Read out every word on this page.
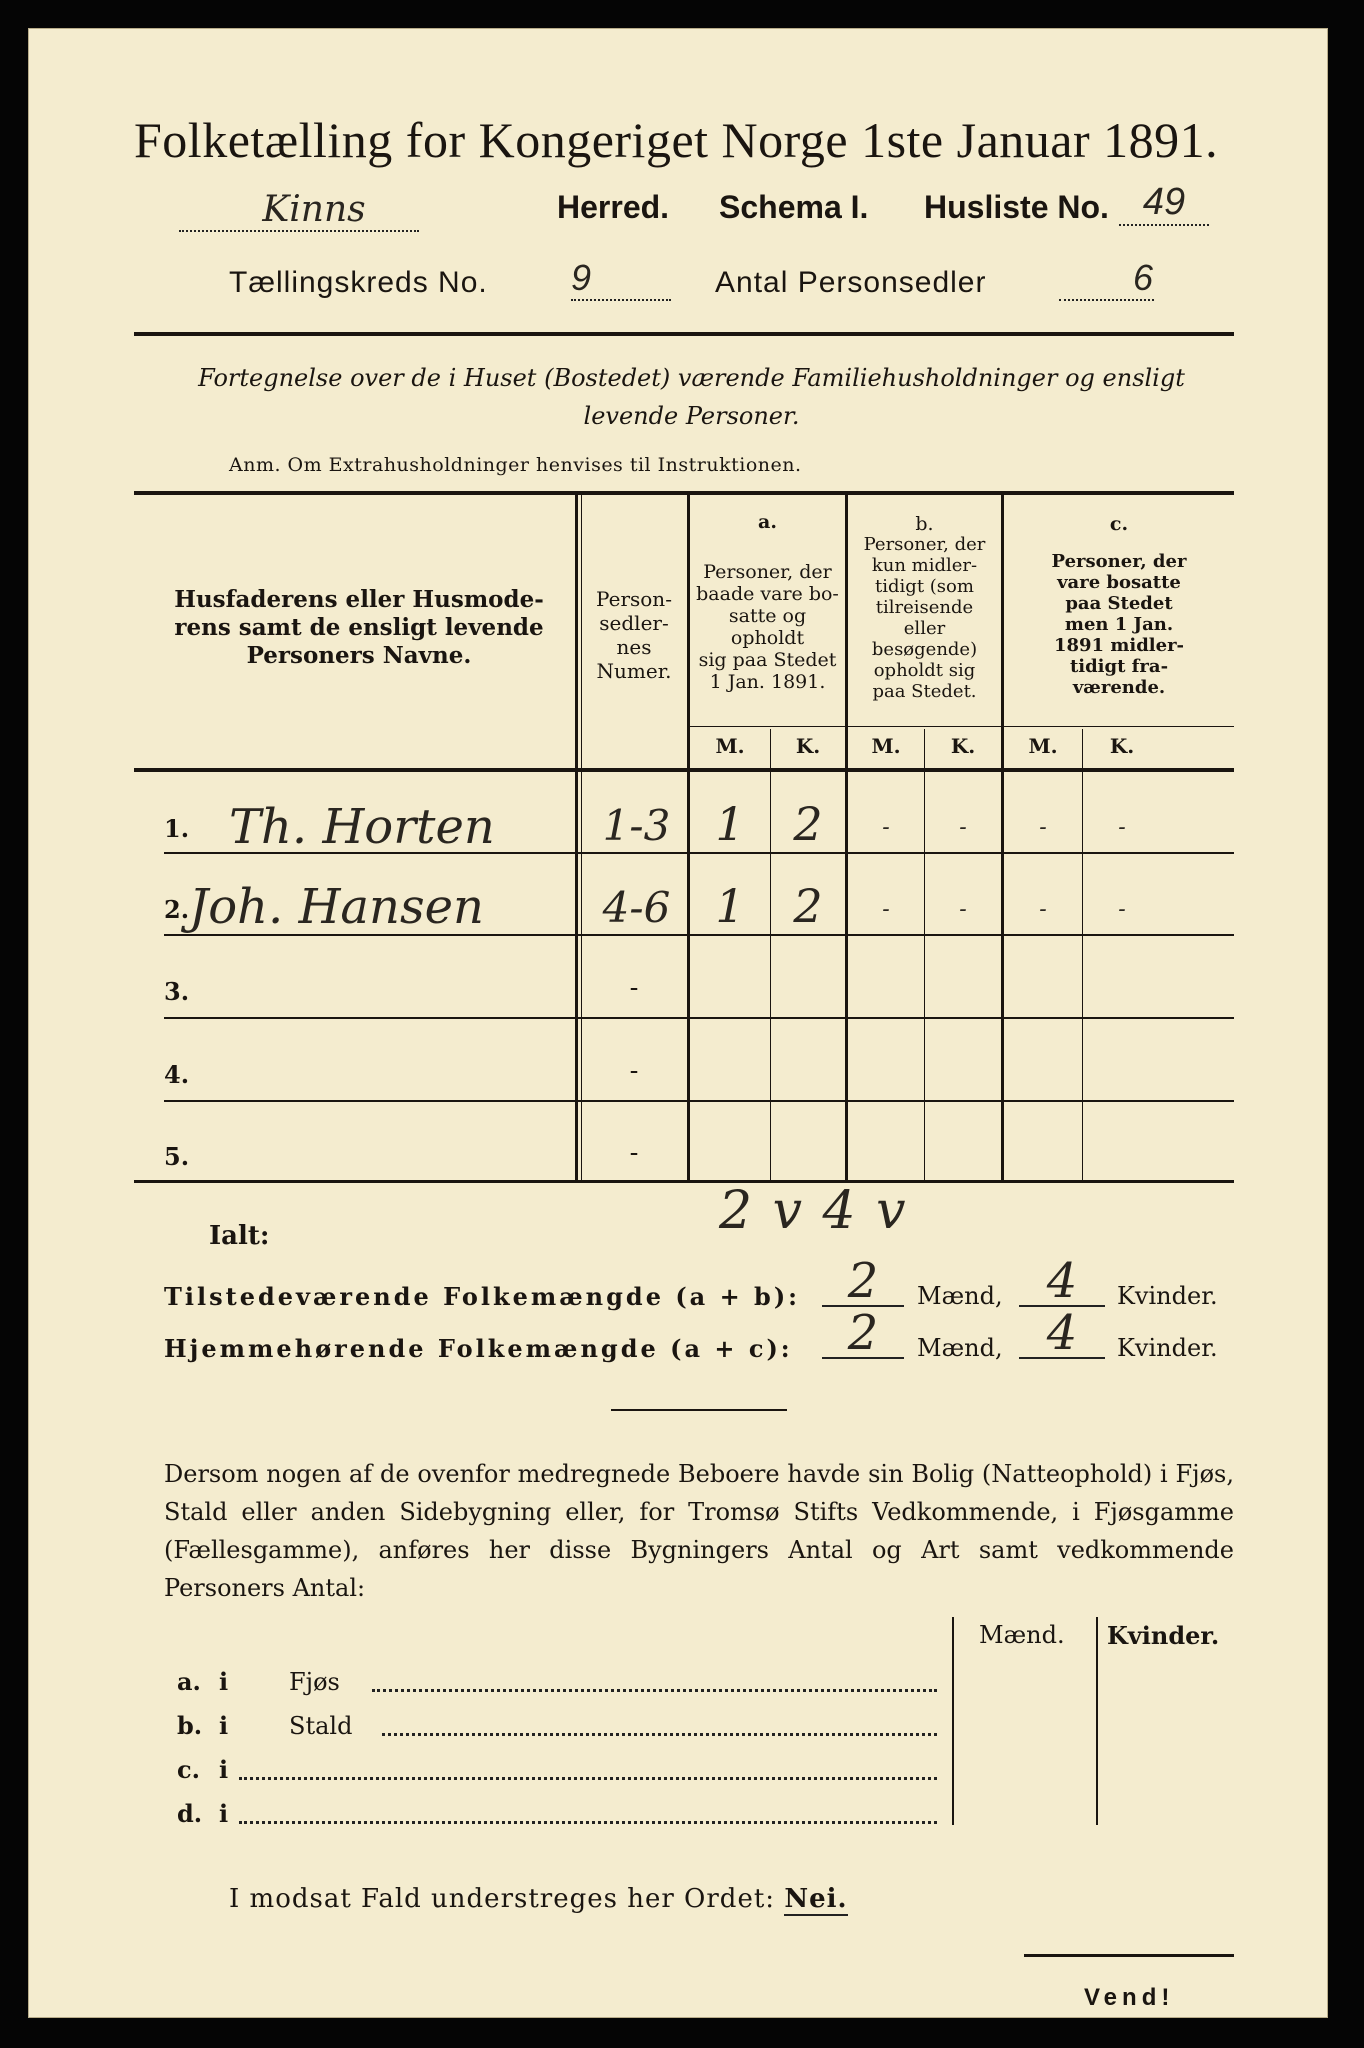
Folketælling for Kongeriget Norge 1ste Januar 1891.
Kinns	Herred. Schema I. Husliste No. 49
Tællingskreds No. 9	Antal Personsedler	6
Fortegnelse over de i Huset (Bostedet) værende Familiehusholdninger og ensligt
levende Personer.
Anm. Om Extrahusholdninger henvises til Instruktionen.
Husfaderens eller Husmode-
rens samt de ensligt levende
Personers Navne.
Person-
sedler-
nes
Numer.
a.
Personer, der
baade vare bo-
satte og opholdt
sig paa Stedet
1 Jan. 1891.
b.
Personer, der
kun midler-
tidigt (som
tilreisende
eller
besøgende)
opholdt sig
paa Stedet.
c.
Personer, der
vare bosatte
paa Stedet
men 1 Jan.
1891 midler-
tidigt fra-
værende.
M.	K.	M.	K.	M.	K.
1. Th. Horten	1-3 1	2	-	-	-	-
2. Joh. Hansen	4-6 1	2	-	-	-	-
3.	-
4.	-
5.	-
Ialt:	2 v 4 v
Tilstedeværende Folkemængde (a + b): 2	Mænd, 4	Kvinder.
Hjemmehørende Folkemængde (a + c):	2	Mænd, 4	Kvinder.
Dersom nogen af de ovenfor medregnede Beboere havde sin Bolig (Natteophold) i Fjøs, Stald eller anden Sidebygning eller, for Tromsø Stifts Vedkommende, i Fjøsgamme (Fællesgamme), anføres her disse Bygningers Antal og Art samt vedkommende Personers Antal:
Mænd. Kvinder.
a. i	Fjøs
b. i	Stald
c. i
d. i
I modsat Fald understreges her Ordet: Nei.
Vend!
